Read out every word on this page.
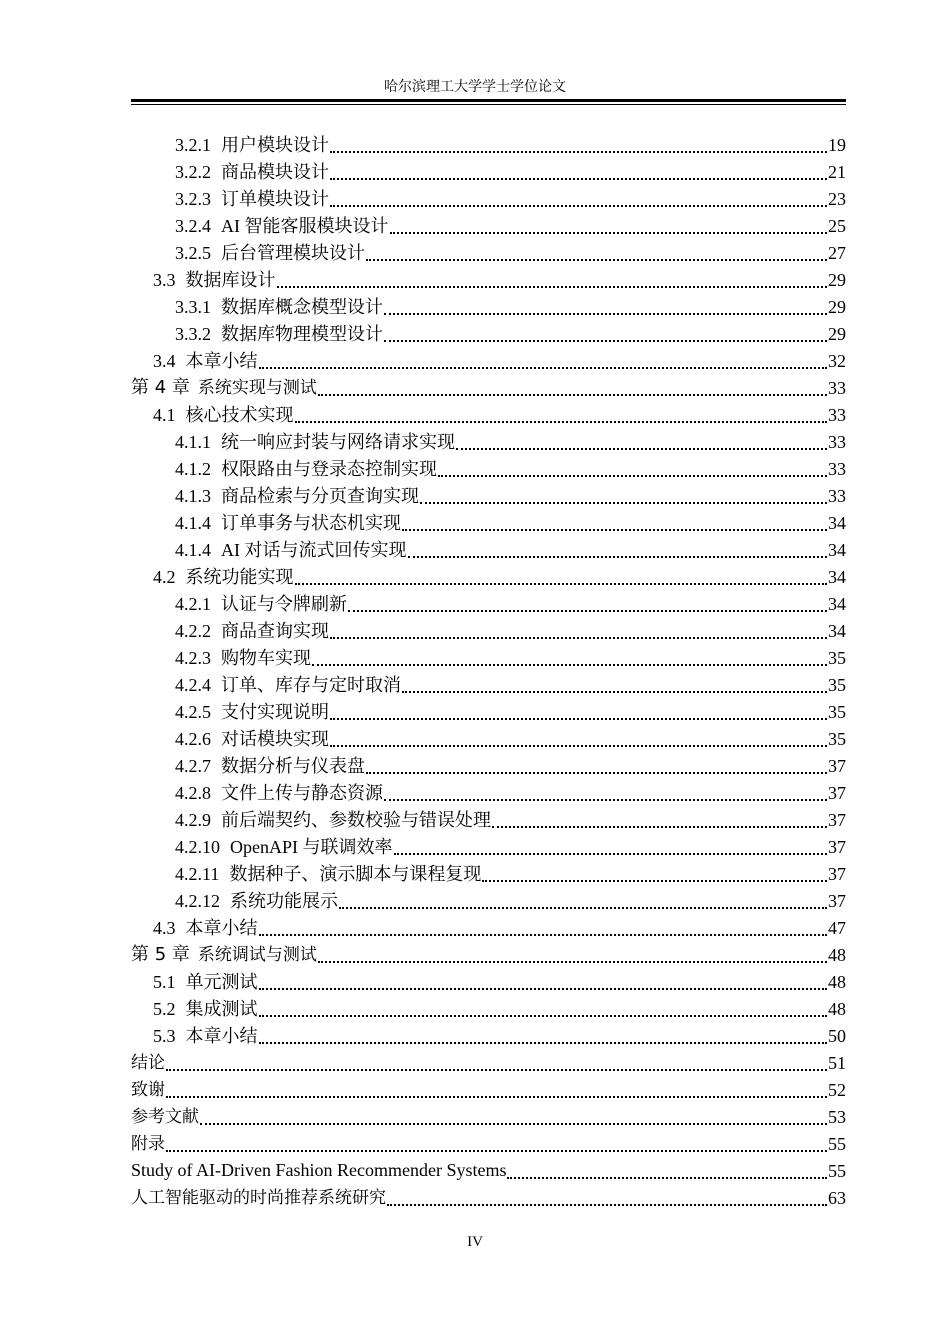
哈尔滨理工大学学士学位论文
3.2.1 用户模块设计	19
3.2.2 商品模块设计	21
3.2.3 订单模块设计	23
3.2.4 AI 智能客服模块设计	25
3.2.5 后台管理模块设计	27
3.3 数据库设计	29
3.3.1 数据库概念模型设计	29
3.3.2 数据库物理模型设计	29
3.4 本章小结	32
第 4 章 系统实现与测试	33
4.1 核心技术实现	33
4.1.1 统一响应封装与网络请求实现	33
4.1.2 权限路由与登录态控制实现	33
4.1.3 商品检索与分页查询实现	33
4.1.4 订单事务与状态机实现	34
4.1.4 AI 对话与流式回传实现	34
4.2 系统功能实现	34
4.2.1 认证与令牌刷新	34
4.2.2 商品查询实现	34
4.2.3 购物车实现	35
4.2.4 订单、库存与定时取消	35
4.2.5 支付实现说明	35
4.2.6 对话模块实现	35
4.2.7 数据分析与仪表盘	37
4.2.8 文件上传与静态资源	37
4.2.9 前后端契约、参数校验与错误处理	37
4.2.10 OpenAPI 与联调效率	37
4.2.11 数据种子、演示脚本与课程复现	37
4.2.12 系统功能展示	37
4.3 本章小结	47
第 5 章 系统调试与测试	48
5.1 单元测试	48
5.2 集成测试	48
5.3 本章小结	50
结论	51
致谢	52
参考文献	53
附录	55
Study of AI-Driven Fashion Recommender Systems	55
人工智能驱动的时尚推荐系统研究	63
IV
